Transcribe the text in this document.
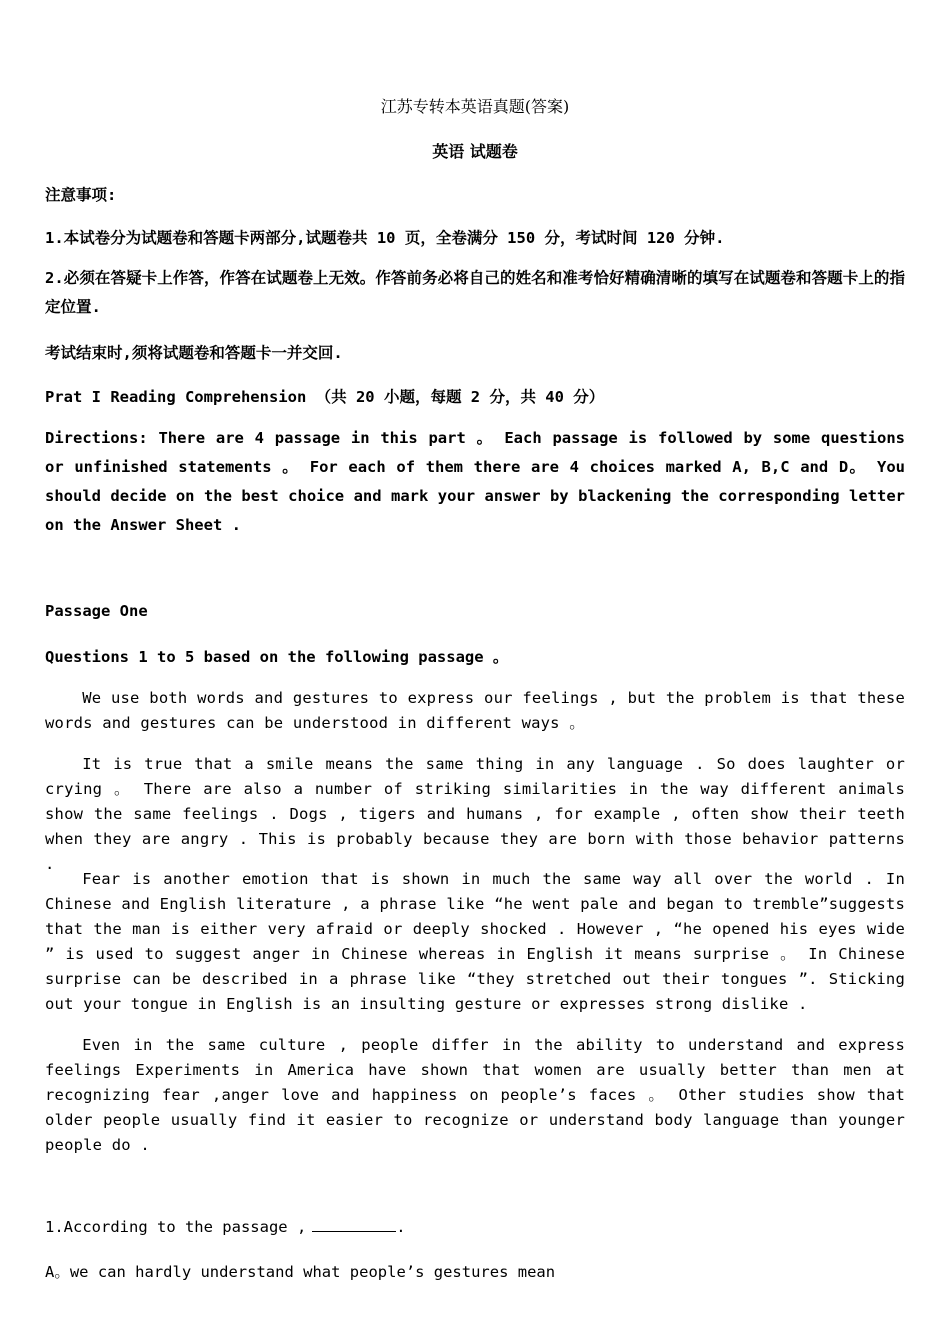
江苏专转本英语真题(答案)
英语 试题卷
注意事项:
1.本试卷分为试题卷和答题卡两部分,试题卷共 10 页，全卷满分 150 分，考试时间 120 分钟.
2.必须在答疑卡上作答，作答在试题卷上无效。作答前务必将自己的姓名和准考恰好精确清晰的填写在试题卷和答题卡上的指定位置.
考试结束时,须将试题卷和答题卡一并交回.
Prat I Reading Comprehension （共 20 小题，每题 2 分，共 40 分）
Directions: There are 4 passage in this part 。 Each passage is followed by some questions or unfinished statements 。 For each of them there are 4 choices marked A, B,C and D。 You should decide on the best choice and mark your answer by blackening the corresponding letter on the Answer Sheet .
Passage One
Questions 1 to 5 based on the following passage 。
We use both words and gestures to express our feelings , but the problem is that these words and gestures can be understood in different ways 。
It is true that a smile means the same thing in any language . So does laughter or crying 。 There are also a number of striking similarities in the way different animals show the same feelings . Dogs , tigers and humans , for example , often show their teeth when they are angry . This is probably because they are born with those behavior patterns .
Fear is another emotion that is shown in much the same way all over the world . In Chinese and English literature , a phrase like “he went pale and began to tremble”suggests that the man is either very afraid or deeply shocked . However , “he opened his eyes wide ” is used to suggest anger in Chinese whereas in English it means surprise 。 In Chinese surprise can be described in a phrase like “they stretched out their tongues ”. Sticking out your tongue in English is an insulting gesture or expresses strong dislike .
Even in the same culture , people differ in the ability to understand and express feelings Experiments in America have shown that women are usually better than men at recognizing fear ,anger love and happiness on people’s faces 。 Other studies show that older people usually find it easier to recognize or understand body language than younger people do .
1.According to the passage ,	.
A。we can hardly understand what people’s gestures mean
